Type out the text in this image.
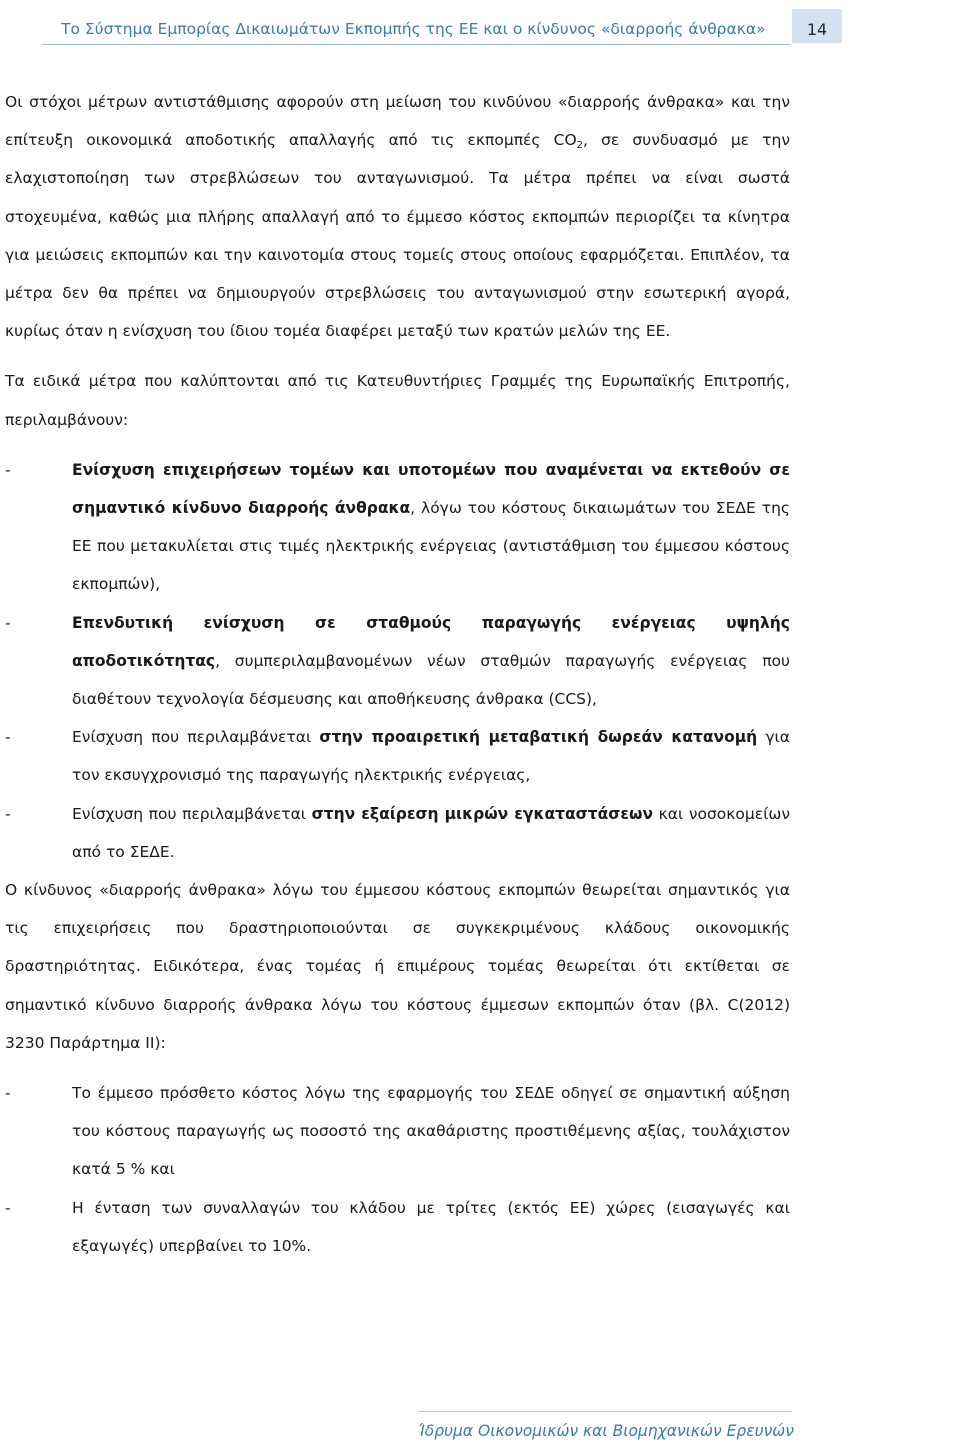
Το Σύστημα Εμπορίας Δικαιωμάτων Εκπομπής της ΕΕ και ο κίνδυνος «διαρροής άνθρακα»	14

Οι στόχοι μέτρων αντιστάθμισης αφορούν στη μείωση του κινδύνου «διαρροής άνθρακα» και την επίτευξη οικονομικά αποδοτικής απαλλαγής από τις εκπομπές $CO_2$, σε συνδυασμό με την ελαχιστοποίηση των στρεβλώσεων του ανταγωνισμού. Τα μέτρα πρέπει να είναι σωστά στοχευμένα, καθώς μια πλήρης απαλλαγή από το έμμεσο κόστος εκπομπών περιορίζει τα κίνητρα για μειώσεις εκπομπών και την καινοτομία στους τομείς στους οποίους εφαρμόζεται. Επιπλέον, τα μέτρα δεν θα πρέπει να δημιουργούν στρεβλώσεις του ανταγωνισμού στην εσωτερική αγορά, κυρίως όταν η ενίσχυση του ίδιου τομέα διαφέρει μεταξύ των κρατών μελών της ΕΕ.

Τα ειδικά μέτρα που καλύπτονται από τις Κατευθυντήριες Γραμμές της Ευρωπαϊκής Επιτροπής, περιλαμβάνουν:

-	Ενίσχυση επιχειρήσεων τομέων και υποτομέων που αναμένεται να εκτεθούν σε σημαντικό κίνδυνο διαρροής άνθρακα, λόγω του κόστους δικαιωμάτων του ΣΕΔΕ της ΕΕ που μετακυλίεται στις τιμές ηλεκτρικής ενέργειας (αντιστάθμιση του έμμεσου κόστους εκπομπών),
-	Επενδυτική ενίσχυση σε σταθμούς παραγωγής ενέργειας υψηλής αποδοτικότητας, συμπεριλαμβανομένων νέων σταθμών παραγωγής ενέργειας που διαθέτουν τεχνολογία δέσμευσης και αποθήκευσης άνθρακα (CCS),
-	Ενίσχυση που περιλαμβάνεται στην προαιρετική μεταβατική δωρεάν κατανομή για τον εκσυγχρονισμό της παραγωγής ηλεκτρικής ενέργειας,
-	Ενίσχυση που περιλαμβάνεται στην εξαίρεση μικρών εγκαταστάσεων και νοσοκομείων από το ΣΕΔΕ.

Ο κίνδυνος «διαρροής άνθρακα» λόγω του έμμεσου κόστους εκπομπών θεωρείται σημαντικός για τις επιχειρήσεις που δραστηριοποιούνται σε συγκεκριμένους κλάδους οικονομικής δραστηριότητας. Ειδικότερα, ένας τομέας ή επιμέρους τομέας θεωρείται ότι εκτίθεται σε σημαντικό κίνδυνο διαρροής άνθρακα λόγω του κόστους έμμεσων εκπομπών όταν (βλ. C(2012) 3230 Παράρτημα ΙΙ):

-	Το έμμεσο πρόσθετο κόστος λόγω της εφαρμογής του ΣΕΔΕ οδηγεί σε σημαντική αύξηση του κόστους παραγωγής ως ποσοστό της ακαθάριστης προστιθέμενης αξίας, τουλάχιστον κατά 5 % και
-	Η ένταση των συναλλαγών του κλάδου με τρίτες (εκτός ΕΕ) χώρες (εισαγωγές και εξαγωγές) υπερβαίνει το 10%.
Ίδρυμα Οικονομικών και Βιομηχανικών Ερευνών
